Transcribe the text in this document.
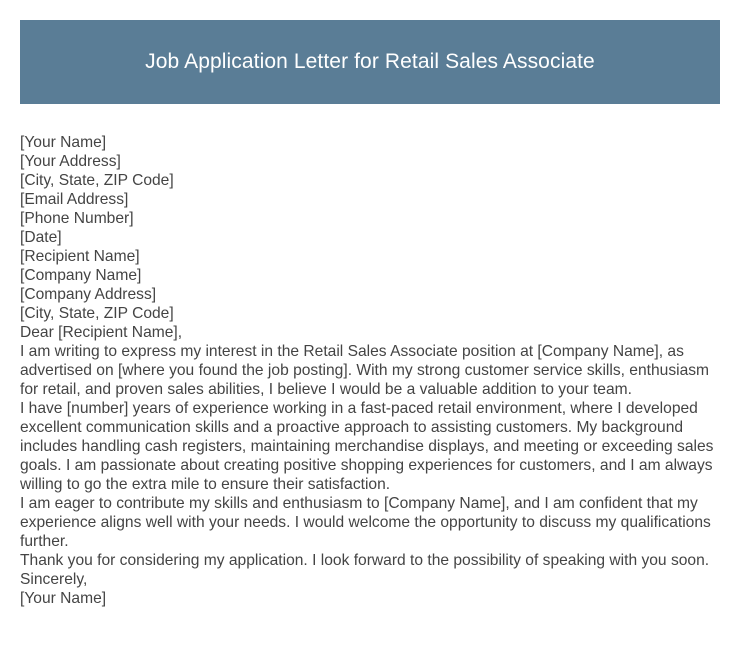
Job Application Letter for Retail Sales Associate
[Your Name]
[Your Address]
[City, State, ZIP Code]
[Email Address]
[Phone Number]
[Date]
[Recipient Name]
[Company Name]
[Company Address]
[City, State, ZIP Code]
Dear [Recipient Name],
I am writing to express my interest in the Retail Sales Associate position at [Company Name], as advertised on [where you found the job posting]. With my strong customer service skills, enthusiasm for retail, and proven sales abilities, I believe I would be a valuable addition to your team.
I have [number] years of experience working in a fast-paced retail environment, where I developed excellent communication skills and a proactive approach to assisting customers. My background includes handling cash registers, maintaining merchandise displays, and meeting or exceeding sales goals. I am passionate about creating positive shopping experiences for customers, and I am always willing to go the extra mile to ensure their satisfaction.
I am eager to contribute my skills and enthusiasm to [Company Name], and I am confident that my experience aligns well with your needs. I would welcome the opportunity to discuss my qualifications further.
Thank you for considering my application. I look forward to the possibility of speaking with you soon.
Sincerely,
[Your Name]
